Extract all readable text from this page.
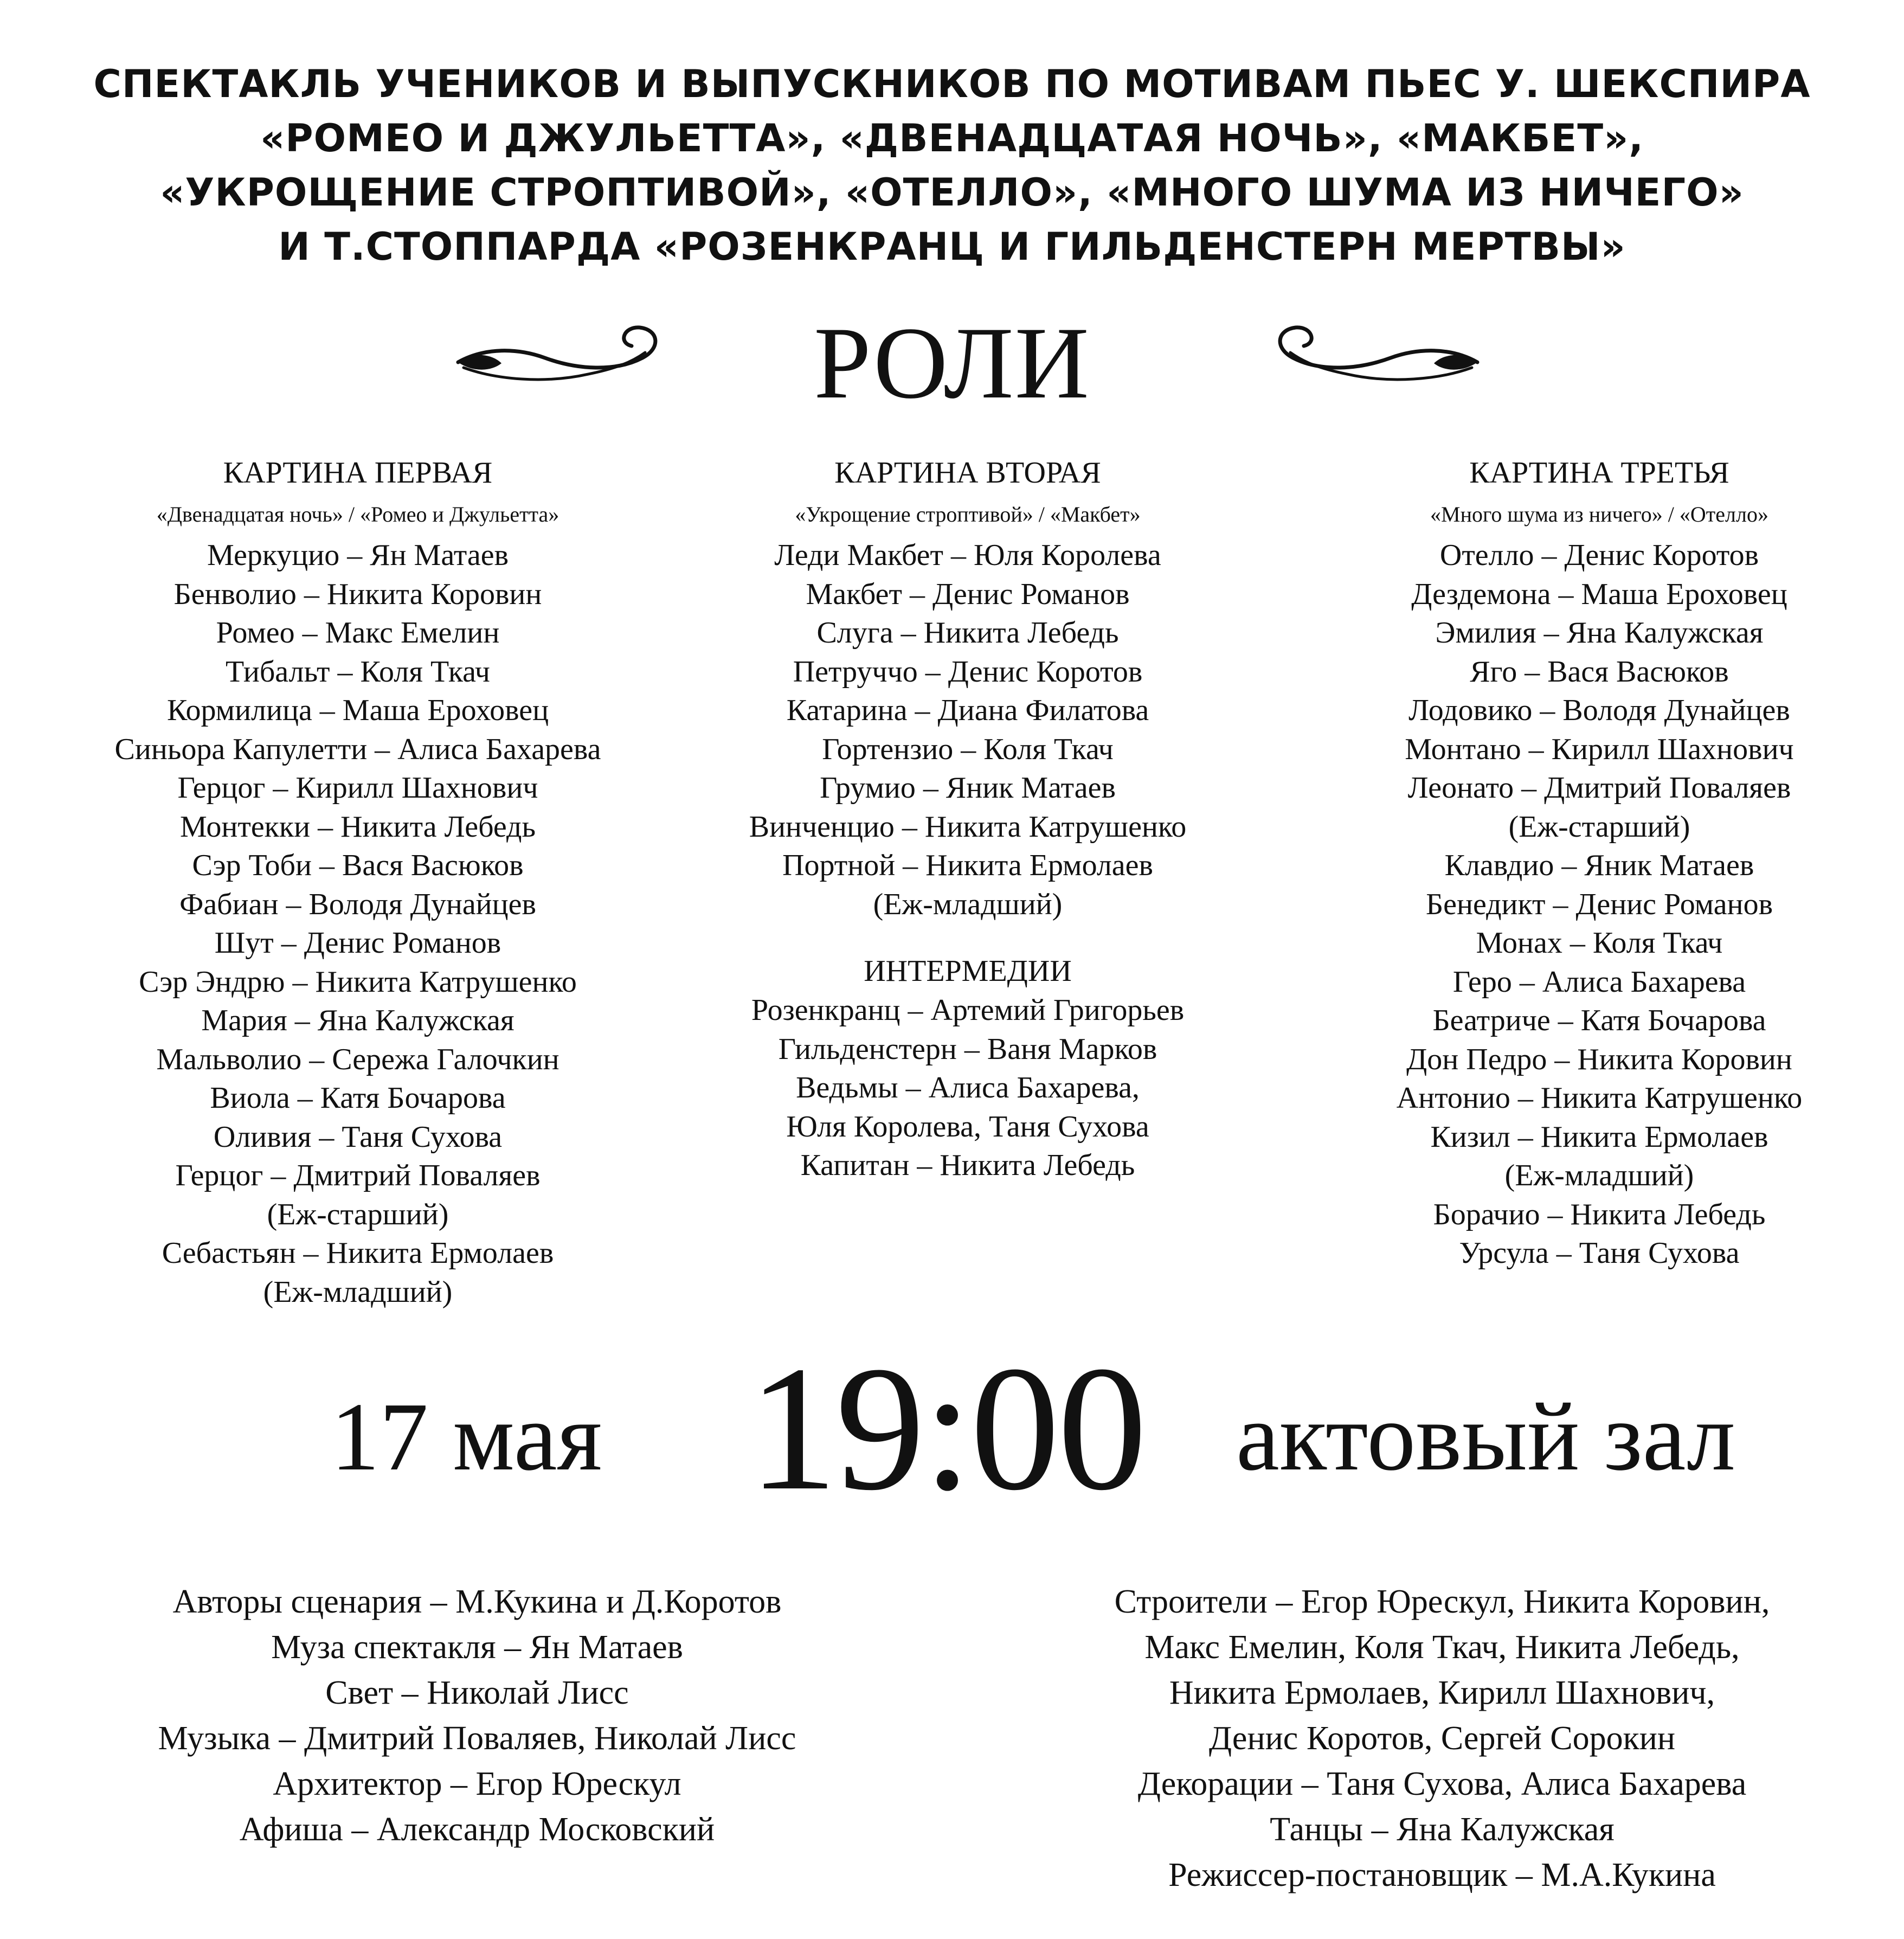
СПЕКТАКЛЬ УЧЕНИКОВ И ВЫПУСКНИКОВ ПО МОТИВАМ ПЬЕС У. ШЕКСПИРА
«РОМЕО И ДЖУЛЬЕТТА», «ДВЕНАДЦАТАЯ НОЧЬ», «МАКБЕТ»,
«УКРОЩЕНИЕ СТРОПТИВОЙ», «ОТЕЛЛО», «МНОГО ШУМА ИЗ НИЧЕГО»
И Т.СТОППАРДА «РОЗЕНКРАНЦ И ГИЛЬДЕНСТЕРН МЕРТВЫ»
РОЛИ
КАРТИНА ПЕРВАЯ
«Двенадцатая ночь» / «Ромео и Джульетта»
Меркуцио – Ян Матаев
Бенволио – Никита Коровин
Ромео – Макс Емелин
Тибальт – Коля Ткач
Кормилица – Маша Ероховец
Синьора Капулетти – Алиса Бахарева
Герцог – Кирилл Шахнович
Монтекки – Никита Лебедь
Сэр Тоби – Вася Васюков
Фабиан – Володя Дунайцев
Шут – Денис Романов
Сэр Эндрю – Никита Катрушенко
Мария – Яна Калужская
Мальволио – Сережа Галочкин
Виола – Катя Бочарова
Оливия – Таня Сухова
Герцог – Дмитрий Поваляев
(Еж-старший)
Себастьян – Никита Ермолаев
(Еж-младший)
КАРТИНА ВТОРАЯ
«Укрощение строптивой» / «Макбет»
Леди Макбет – Юля Королева
Макбет – Денис Романов
Слуга – Никита Лебедь
Петруччо – Денис Коротов
Катарина – Диана Филатова
Гортензио – Коля Ткач
Грумио – Яник Матаев
Винченцио – Никита Катрушенко
Портной – Никита Ермолаев
(Еж-младший)
ИНТЕРМЕДИИ
Розенкранц – Артемий Григорьев
Гильденстерн – Ваня Марков
Ведьмы – Алиса Бахарева,
Юля Королева, Таня Сухова
Капитан – Никита Лебедь
КАРТИНА ТРЕТЬЯ
«Много шума из ничего» / «Отелло»
Отелло – Денис Коротов
Дездемона – Маша Ероховец
Эмилия – Яна Калужская
Яго – Вася Васюков
Лодовико – Володя Дунайцев
Монтано – Кирилл Шахнович
Леонато – Дмитрий Поваляев
(Еж-старший)
Клавдио – Яник Матаев
Бенедикт – Денис Романов
Монах – Коля Ткач
Геро – Алиса Бахарева
Беатриче – Катя Бочарова
Дон Педро – Никита Коровин
Антонио – Никита Катрушенко
Кизил – Никита Ермолаев
(Еж-младший)
Борачио – Никита Лебедь
Урсула – Таня Сухова
17 мая 19:00 актовый зал
Авторы сценария – М.Кукина и Д.Коротов
Муза спектакля – Ян Матаев
Свет – Николай Лисс
Музыка – Дмитрий Поваляев, Николай Лисс
Архитектор – Егор Юрескул
Афиша – Александр Московский
Строители – Егор Юрескул, Никита Коровин,
Макс Емелин, Коля Ткач, Никита Лебедь,
Никита Ермолаев, Кирилл Шахнович,
Денис Коротов, Сергей Сорокин
Декорации – Таня Сухова, Алиса Бахарева
Танцы – Яна Калужская
Режиссер-постановщик – М.А.Кукина
